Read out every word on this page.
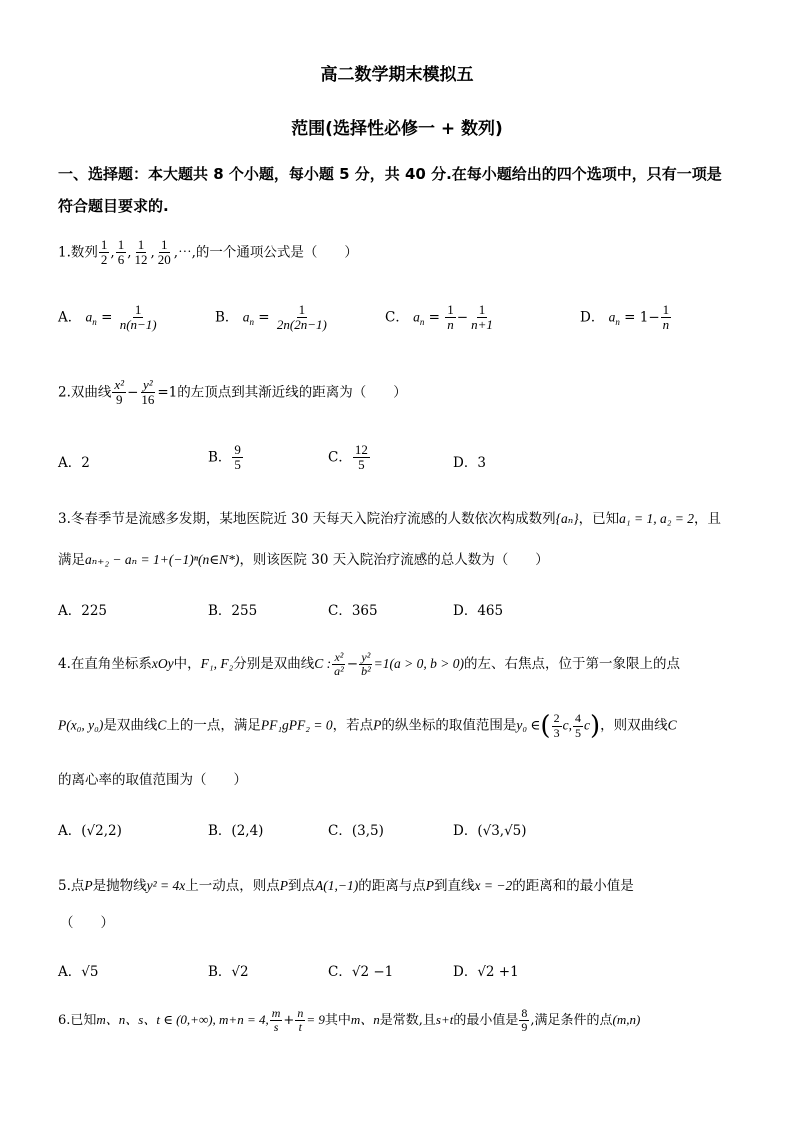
高二数学期末模拟五
范围(选择性必修一 + 数列)
一、选择题：本大题共 8 个小题，每小题 5 分，共 40 分.在每小题给出的四个选项中，只有一项是
符合题目要求的.
1.数列 $\frac{1}{2}$ , $\frac{1}{6}$ , $\frac{1}{12}$ , $\frac{1}{20}$ ,⋯,的一个通项公式是（　　）
A． $a_n = \frac{1}{n(n-1)}$	B． $a_n = \frac{1}{2n(2n-1)}$	C． $a_n = \frac{1}{n} - \frac{1}{n+1}$	D． $a_n = 1- \frac{1}{n}$
2.双曲线 $\frac{\text{x²}}{9} - \frac{\text{y²}}{16} =1$的左顶点到其渐近线的距离为（　　）
A．2	B． $\frac{9}{5}$	C． $\frac{12}{5}$	D．3
3.冬春季节是流感多发期，某地医院近 30 天每天入院治疗流感的人数依次构成数列{aₙ}，已知a₁ = 1, a₂ = 2，且
满足aₙ₊₂ − aₙ = 1+(−1)ⁿ(n∈N*)，则该医院 30 天入院治疗流感的总人数为（　　）
A．225	B．255	C．365	D．465
4.在直角坐标系xOy中，F₁, F₂分别是双曲线C : $\frac{\text{x²}}{\text{a²}} - \frac{\text{y²}}{\text{b²}} =1(a > 0$, b > 0)的左、右焦点，位于第一象限上的点
P(x₀, y₀)是双曲线C上的一点，满足PF₁gPF₂ = 0，若点P的纵坐标的取值范围是y₀ ∈( $\frac{2}{3} c$, $\frac{4}{5} c$)，则双曲线C
的离心率的取值范围为（　　）
A．(√2,2)	B．(2,4)	C．(3,5)	D．(√3,√5)
5.点P是抛物线y² = 4x上一动点，则点P到点A(1,−1)的距离与点P到直线x = −2的距离和的最小值是
（　　）
A．√5	B．√2	C．√2 −1	D．√2 +1
6.已知m、n、s、t ∈ (0,+∞), m+n = 4, $\frac{m}{s} + \frac{n}{t} = 9$其中m、n是常数,且s+t的最小值是 $\frac{8}{9}$ ,满足条件的点(m,n)
